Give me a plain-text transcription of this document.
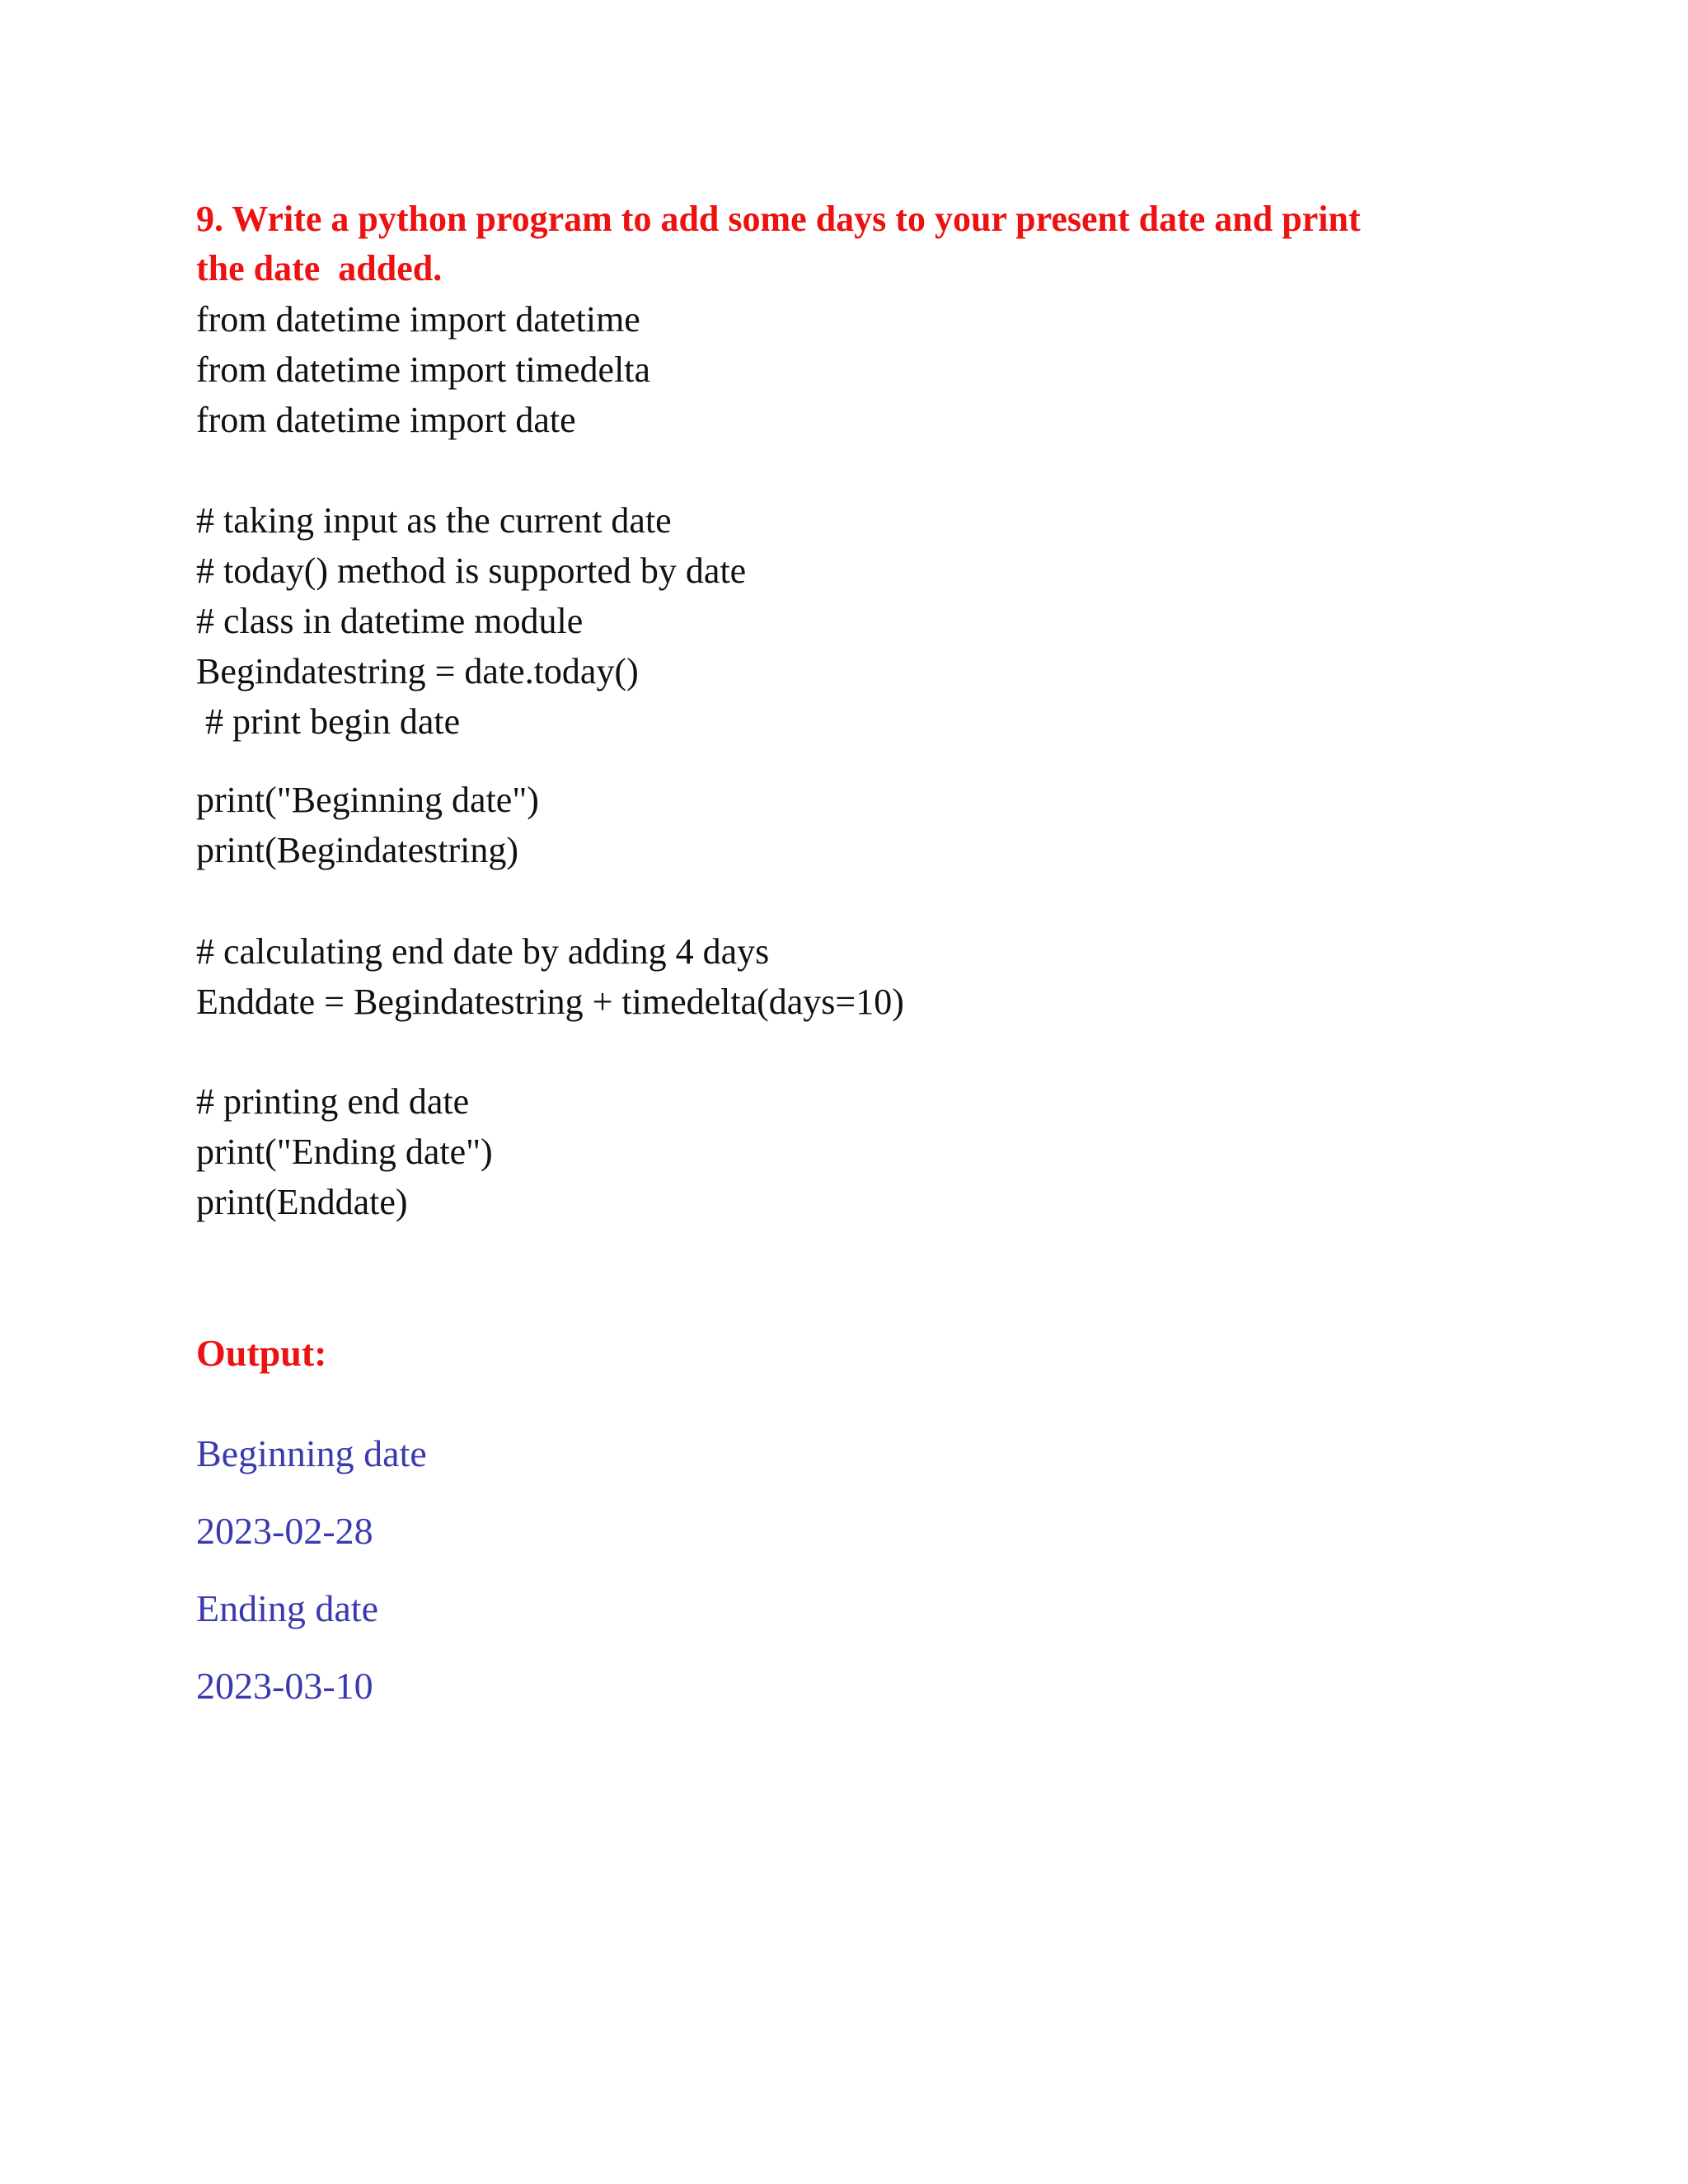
9. Write a python program to add some days to your present date and print

the date  added.

from datetime import datetime

from datetime import timedelta

from datetime import date

# taking input as the current date

# today() method is supported by date

# class in datetime module

Begindatestring = date.today()

# print begin date

print("Beginning date")

print(Begindatestring)

# calculating end date by adding 4 days

Enddate = Begindatestring + timedelta(days=10)

# printing end date

print("Ending date")

print(Enddate)

Output:

Beginning date

2023-02-28

Ending date

2023-03-10
